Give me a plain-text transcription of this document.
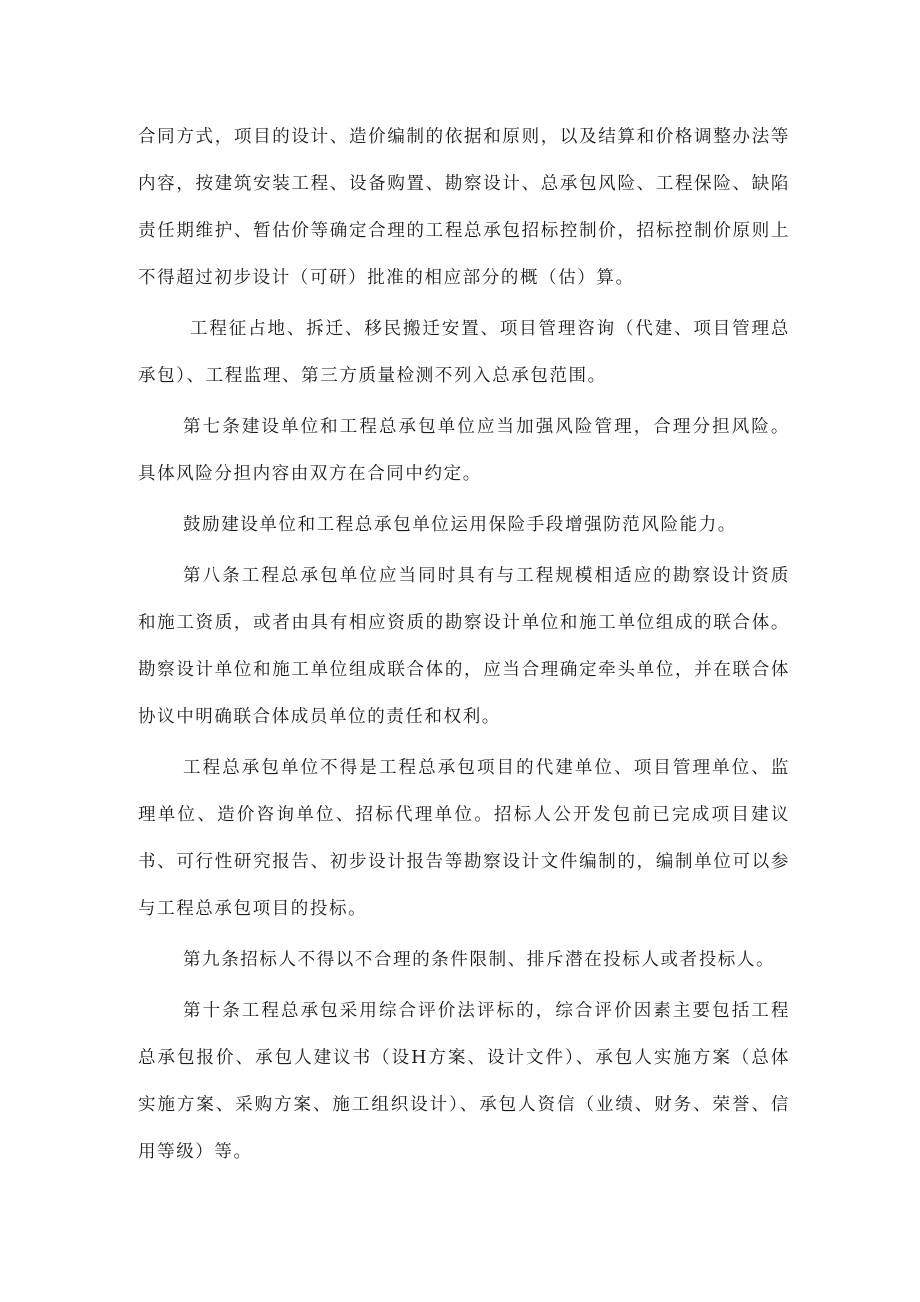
合同方式，项目的设计、造价编制的依据和原则，以及结算和价格调整办法等内容，按建筑安装工程、设备购置、勘察设计、总承包风险、工程保险、缺陷责任期维护、暂估价等确定合理的工程总承包招标控制价，招标控制价原则上不得超过初步设计（可研）批准的相应部分的概（估）算。

工程征占地、拆迁、移民搬迁安置、项目管理咨询（代建、项目管理总承包）、工程监理、第三方质量检测不列入总承包范围。

第七条建设单位和工程总承包单位应当加强风险管理，合理分担风险。具体风险分担内容由双方在合同中约定。

鼓励建设单位和工程总承包单位运用保险手段增强防范风险能力。

第八条工程总承包单位应当同时具有与工程规模相适应的勘察设计资质和施工资质，或者由具有相应资质的勘察设计单位和施工单位组成的联合体。勘察设计单位和施工单位组成联合体的，应当合理确定牵头单位，并在联合体协议中明确联合体成员单位的责任和权利。

工程总承包单位不得是工程总承包项目的代建单位、项目管理单位、监理单位、造价咨询单位、招标代理单位。招标人公开发包前已完成项目建议书、可行性研究报告、初步设计报告等勘察设计文件编制的，编制单位可以参与工程总承包项目的投标。

第九条招标人不得以不合理的条件限制、排斥潜在投标人或者投标人。

第十条工程总承包采用综合评价法评标的，综合评价因素主要包括工程总承包报价、承包人建议书（设H方案、设计文件）、承包人实施方案（总体实施方案、采购方案、施工组织设计）、承包人资信（业绩、财务、荣誉、信用等级）等。
